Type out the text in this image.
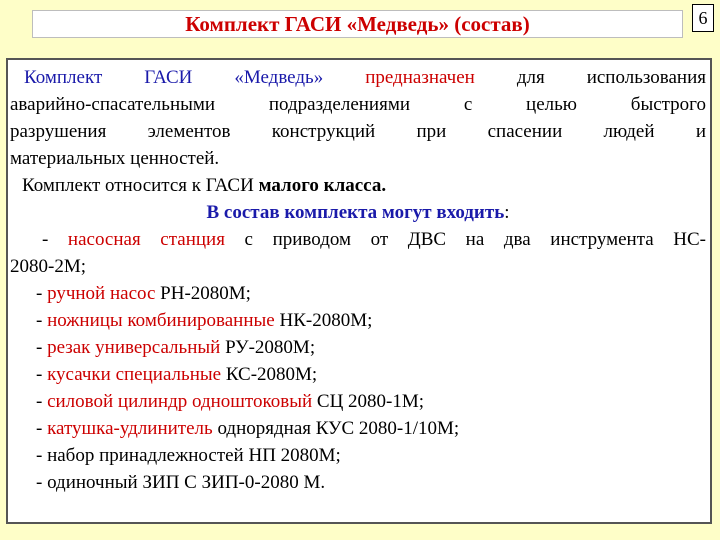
Комплект ГАСИ «Медведь» (состав)	6

Комплект ГАСИ «Медведь» предназначен для использования

аварийно-спасательными подразделениями с целью быстрого

разрушения элементов конструкций при спасении людей и

материальных ценностей.

Комплект относится к ГАСИ малого класса.

В состав комплекта могут входить:

- насосная станция с приводом от ДВС на два инструмента НС-

2080-2М;

- ручной насос РН-2080М;

- ножницы комбинированные НК-2080М;

- резак универсальный РУ-2080М;

- кусачки специальные КС-2080М;

- силовой цилиндр одноштоковый СЦ 2080-1М;

- катушка-удлинитель однорядная КУС 2080-1/10М;

- набор принадлежностей НП 2080М;

- одиночный ЗИП С ЗИП-0-2080 М.
